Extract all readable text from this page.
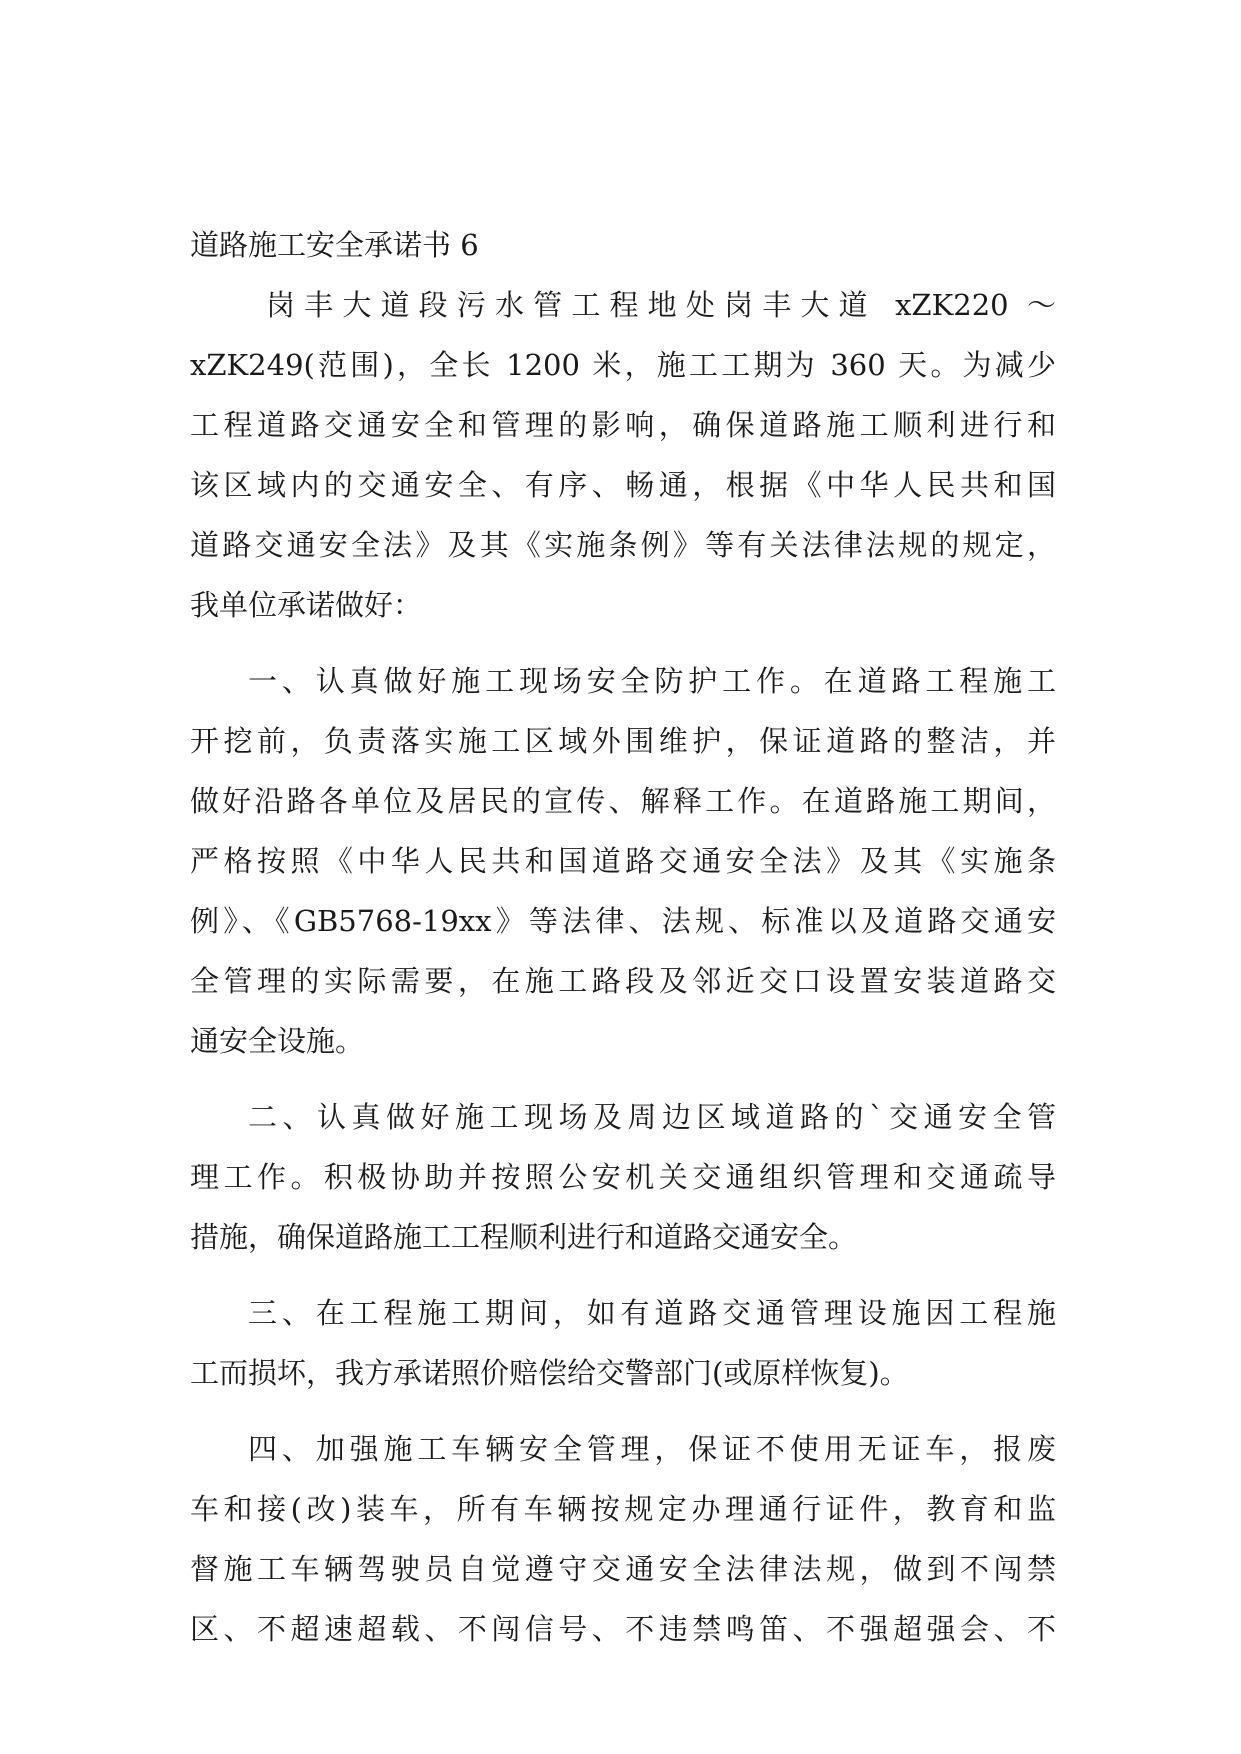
道路施工安全承诺书 6
岗丰大道段污水管工程地处岗丰大道 xZK220 ～
xZK249(范围)，全长 1200 米，施工工期为 360 天。为减少
工程道路交通安全和管理的影响，确保道路施工顺利进行和
该区域内的交通安全、有序、畅通，根据《中华人民共和国
道路交通安全法》及其《实施条例》等有关法律法规的规定，
我单位承诺做好：
一、认真做好施工现场安全防护工作。在道路工程施工
开挖前，负责落实施工区域外围维护，保证道路的整洁，并
做好沿路各单位及居民的宣传、解释工作。在道路施工期间，
严格按照《中华人民共和国道路交通安全法》及其《实施条
例》、《GB5768-19xx》等法律、法规、标准以及道路交通安
全管理的实际需要，在施工路段及邻近交口设置安装道路交
通安全设施。
二、认真做好施工现场及周边区域道路的`交通安全管
理工作。积极协助并按照公安机关交通组织管理和交通疏导
措施，确保道路施工工程顺利进行和道路交通安全。
三、在工程施工期间，如有道路交通管理设施因工程施
工而损坏，我方承诺照价赔偿给交警部门(或原样恢复)。
四、加强施工车辆安全管理，保证不使用无证车，报废
车和接(改)装车，所有车辆按规定办理通行证件，教育和监
督施工车辆驾驶员自觉遵守交通安全法律法规，做到不闯禁
区、不超速超载、不闯信号、不违禁鸣笛、不强超强会、不
